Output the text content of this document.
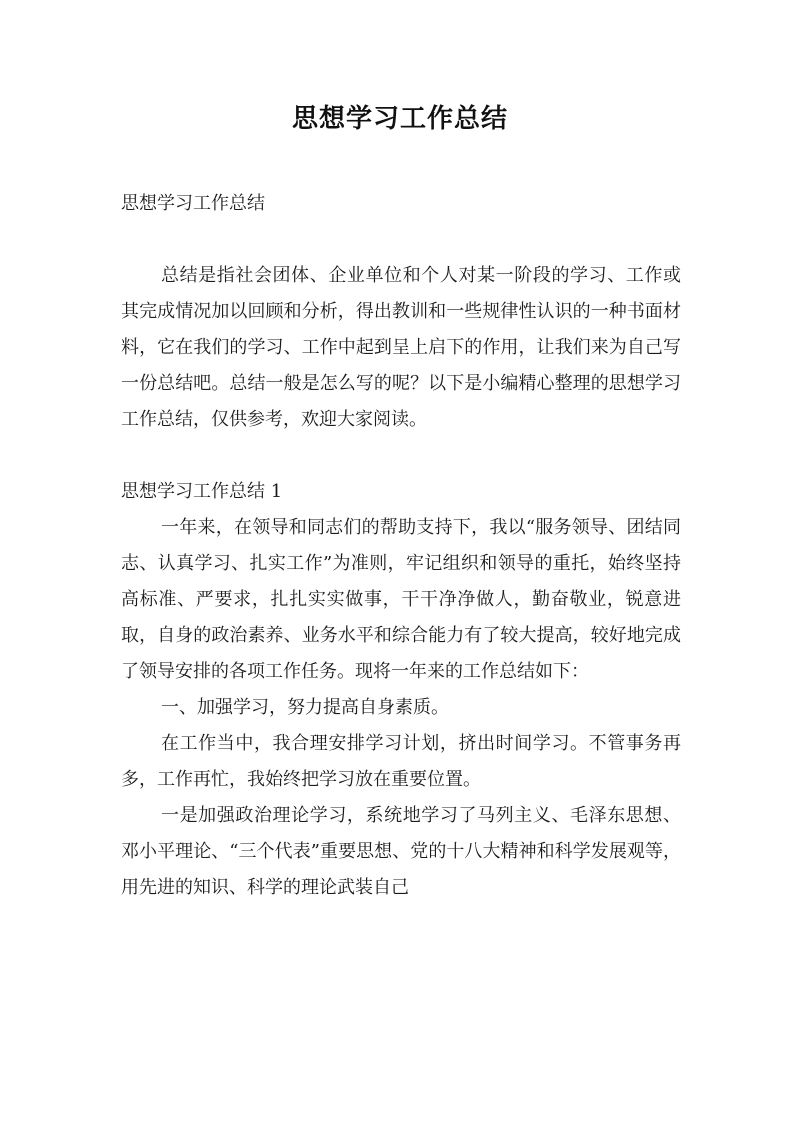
思想学习工作总结

思想学习工作总结

总结是指社会团体、企业单位和个人对某一阶段的学习、工作或其完成情况加以回顾和分析，得出教训和一些规律性认识的一种书面材料，它在我们的学习、工作中起到呈上启下的作用，让我们来为自己写一份总结吧。总结一般是怎么写的呢？以下是小编精心整理的思想学习工作总结，仅供参考，欢迎大家阅读。

思想学习工作总结 1

一年来，在领导和同志们的帮助支持下，我以“服务领导、团结同志、认真学习、扎实工作”为准则，牢记组织和领导的重托，始终坚持高标准、严要求，扎扎实实做事，干干净净做人，勤奋敬业，锐意进取，自身的政治素养、业务水平和综合能力有了较大提高，较好地完成了领导安排的各项工作任务。现将一年来的工作总结如下：

一、加强学习，努力提高自身素质。

在工作当中，我合理安排学习计划，挤出时间学习。不管事务再多，工作再忙，我始终把学习放在重要位置。

一是加强政治理论学习，系统地学习了马列主义、毛泽东思想、邓小平理论、“三个代表”重要思想、党的十八大精神和科学发展观等，用先进的知识、科学的理论武装自己
